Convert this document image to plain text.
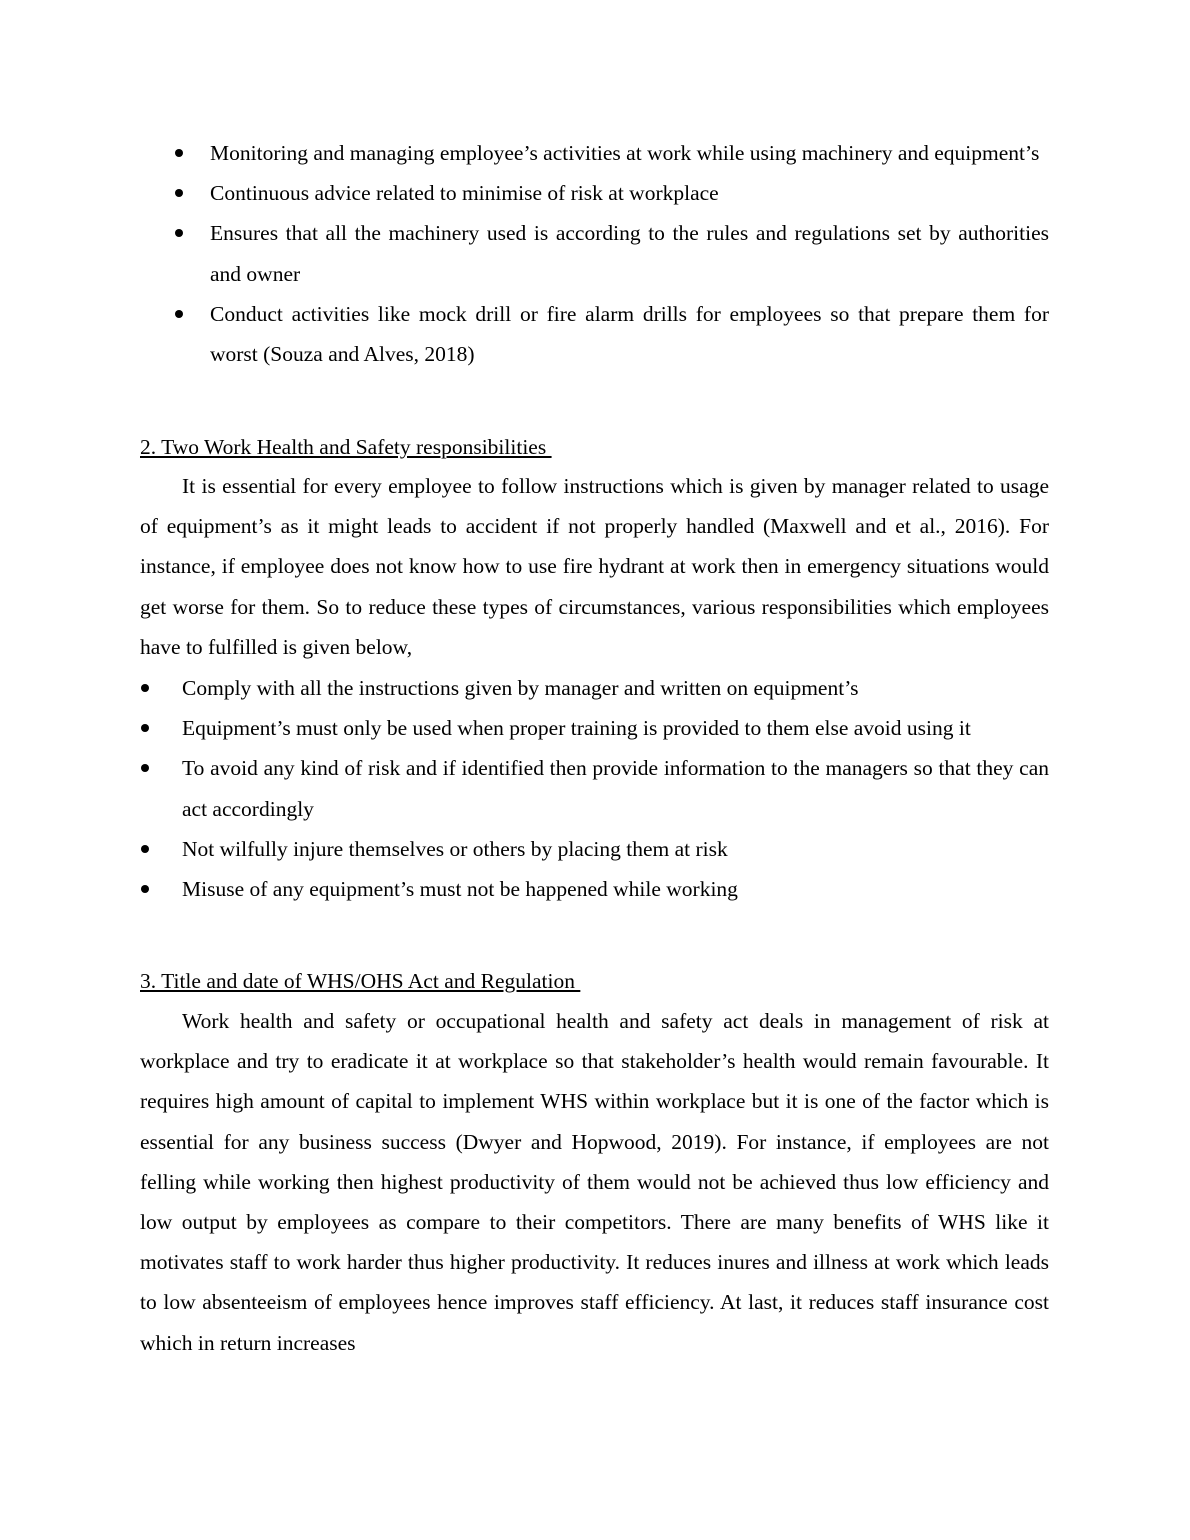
Monitoring and managing employee’s activities at work while using machinery and equipment’s
Continuous advice related to minimise of risk at workplace
Ensures that all the machinery used is according to the rules and regulations set by authorities and owner
Conduct activities like mock drill or fire alarm drills for employees so that prepare them for worst (Souza and Alves, 2018)
2. Two Work Health and Safety responsibilities

It is essential for every employee to follow instructions which is given by manager related to usage of equipment’s as it might leads to accident if not properly handled (Maxwell and et al., 2016). For instance, if employee does not know how to use fire hydrant at work then in emergency situations would get worse for them. So to reduce these types of circumstances, various responsibilities which employees have to fulfilled is given below,

Comply with all the instructions given by manager and written on equipment’s
Equipment’s must only be used when proper training is provided to them else avoid using it
To avoid any kind of risk and if identified then provide information to the managers so that they can act accordingly
Not wilfully injure themselves or others by placing them at risk
Misuse of any equipment’s must not be happened while working
3. Title and date of WHS/OHS Act and Regulation

Work health and safety or occupational health and safety act deals in management of risk at workplace and try to eradicate it at workplace so that stakeholder’s health would remain favourable. It requires high amount of capital to implement WHS within workplace but it is one of the factor which is essential for any business success (Dwyer and Hopwood, 2019). For instance, if employees are not felling while working then highest productivity of them would not be achieved thus low efficiency and low output by employees as compare to their competitors. There are many benefits of WHS like it motivates staff to work harder thus higher productivity. It reduces inures and illness at work which leads to low absenteeism of employees hence improves staff efficiency. At last, it reduces staff insurance cost which in return increases
